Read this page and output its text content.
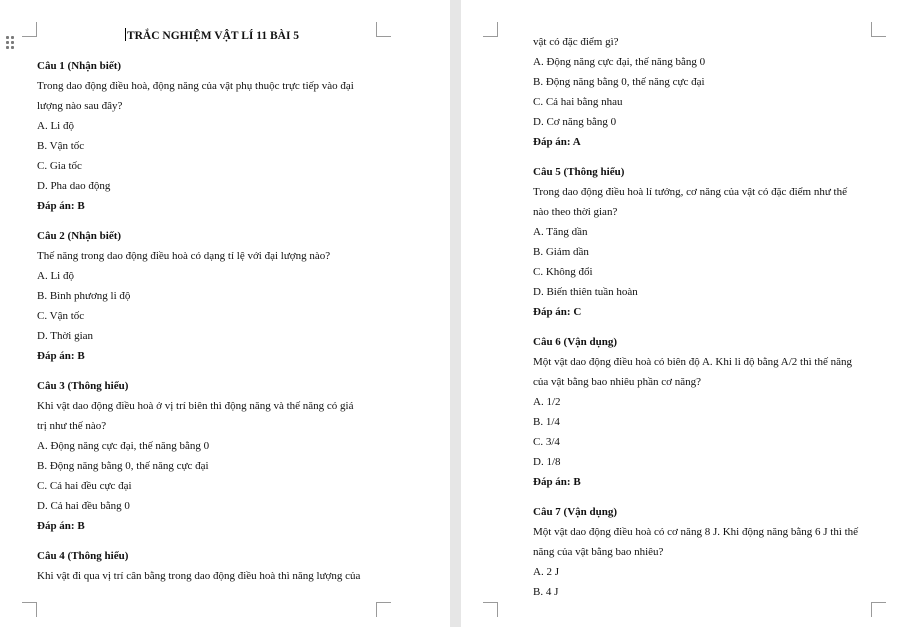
TRẮC NGHIỆM VẬT LÍ 11 BÀI 5
Câu 1 (Nhận biết)
Trong dao động điều hoà, động năng của vật phụ thuộc trực tiếp vào đại
lượng nào sau đây?
A. Li độ
B. Vận tốc
C. Gia tốc
D. Pha dao động
Đáp án: B
Câu 2 (Nhận biết)
Thế năng trong dao động điều hoà có dạng tỉ lệ với đại lượng nào?
A. Li độ
B. Bình phương li độ
C. Vận tốc
D. Thời gian
Đáp án: B
Câu 3 (Thông hiểu)
Khi vật dao động điều hoà ở vị trí biên thì động năng và thế năng có giá
trị như thế nào?
A. Động năng cực đại, thế năng bằng 0
B. Động năng bằng 0, thế năng cực đại
C. Cả hai đều cực đại
D. Cả hai đều bằng 0
Đáp án: B
Câu 4 (Thông hiểu)
Khi vật đi qua vị trí cân bằng trong dao động điều hoà thì năng lượng của
vật có đặc điểm gì?
A. Động năng cực đại, thế năng bằng 0
B. Động năng bằng 0, thế năng cực đại
C. Cả hai bằng nhau
D. Cơ năng bằng 0
Đáp án: A
Câu 5 (Thông hiểu)
Trong dao động điều hoà lí tưởng, cơ năng của vật có đặc điểm như thế
nào theo thời gian?
A. Tăng dần
B. Giảm dần
C. Không đổi
D. Biến thiên tuần hoàn
Đáp án: C
Câu 6 (Vận dụng)
Một vật dao động điều hoà có biên độ A. Khi li độ bằng A/2 thì thế năng
của vật bằng bao nhiêu phần cơ năng?
A. 1/2
B. 1/4
C. 3/4
D. 1/8
Đáp án: B
Câu 7 (Vận dụng)
Một vật dao động điều hoà có cơ năng 8 J. Khi động năng bằng 6 J thì thế
năng của vật bằng bao nhiêu?
A. 2 J
B. 4 J
